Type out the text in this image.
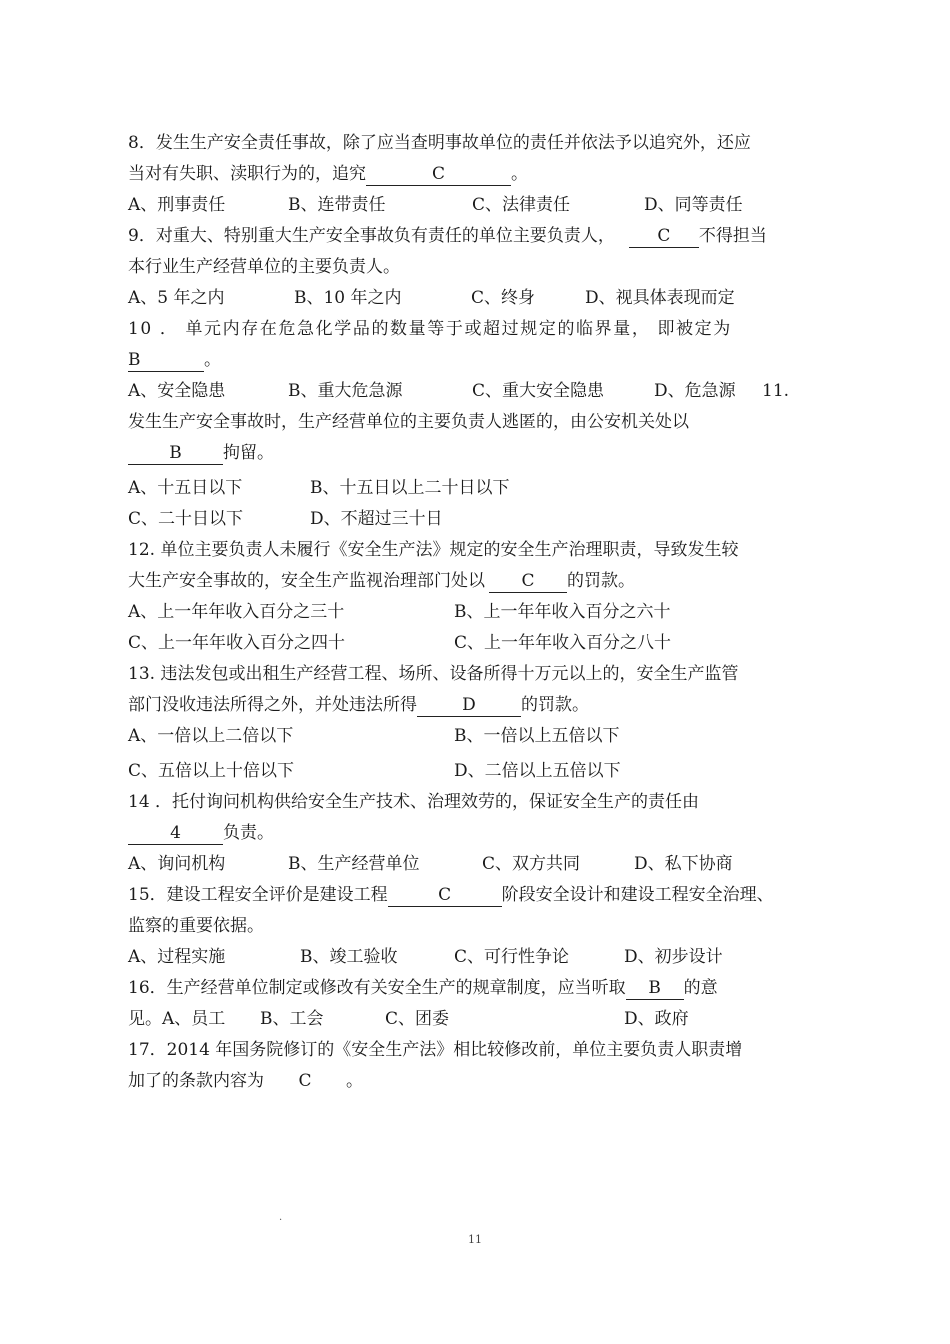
8．发生生产安全责任事故，除了应当查明事故单位的责任并依法予以追究外，还应
当对有失职、渎职行为的，追究	C	。
A、刑事责任	B、连带责任	C、法律责任	D、同等责任
9．对重大、特别重大生产安全事故负有责任的单位主要负责人， C 不得担当
本行业生产经营单位的主要负责人。
A、5 年之内	B、10 年之内	C、终身	D、视具体表现而定
10 ． 单元内存在危急化学品的数量等于或超过规定的临界量， 即被定为
B	。
A、安全隐患	B、重大危急源	C、重大安全隐患	D、危急源 11.
发生生产安全事故时，生产经营单位的主要负责人逃匿的，由公安机关处以
B 拘留。
A、十五日以下	B、十五日以上二十日以下
C、二十日以下	D、不超过三十日
12. 单位主要负责人未履行《安全生产法》规定的安全生产治理职责，导致发生较
大生产安全事故的，安全生产监视治理部门处以 C 的罚款。
A、上一年年收入百分之三十	B、上一年年收入百分之六十
C、上一年年收入百分之四十	C、上一年年收入百分之八十
13. 违法发包或出租生产经营工程、场所、设备所得十万元以上的，安全生产监管
部门没收违法所得之外，并处违法所得	D	的罚款。
A、一倍以上二倍以下	B、一倍以上五倍以下
C、五倍以上十倍以下	D、二倍以上五倍以下
14 ．托付询问机构供给安全生产技术、治理效劳的，保证安全生产的责任由
4 负责。
A、询问机构	B、生产经营单位	C、双方共同	D、私下协商
15．建设工程安全评价是建设工程	C	阶段安全设计和建设工程安全治理、
监察的重要依据。
A、过程实施	B、竣工验收	C、可行性争论	D、初步设计
16．生产经营单位制定或修改有关安全生产的规章制度，应当听取 B 的意
见。 A、员工 B、工会	C、团委	D、政府
17．2014 年国务院修订的《安全生产法》相比较修改前，单位主要负责人职责增
加了的条款内容为 C 。
.
11
